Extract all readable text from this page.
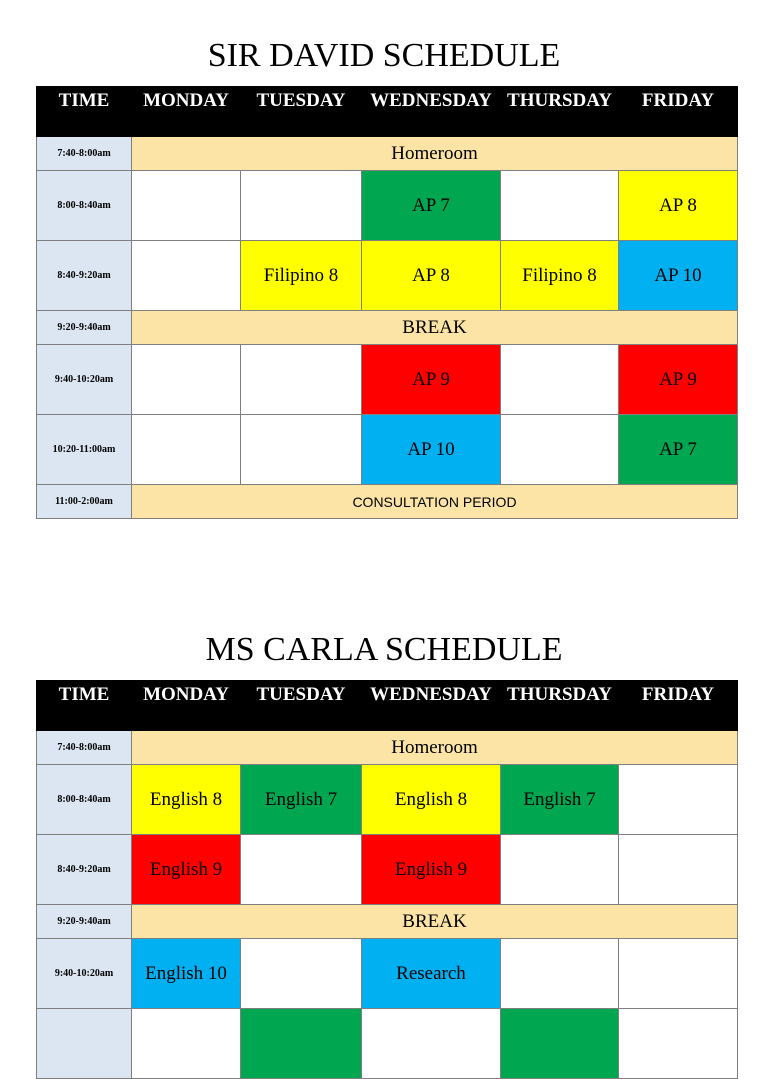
SIR DAVID SCHEDULE
TIME	MONDAY	TUESDAY	WEDNESDAY	THURSDAY	FRIDAY
7:40-8:00am	Homeroom				
8:00-8:40am			AP 7		AP 8
8:40-9:20am		Filipino 8	AP 8	Filipino 8	AP 10
9:20-9:40am	BREAK				
9:40-10:20am			AP 9		AP 9
10:20-11:00am			AP 10		AP 7
11:00-2:00am	CONSULTATION PERIOD				
MS CARLA SCHEDULE
TIME	MONDAY	TUESDAY	WEDNESDAY	THURSDAY	FRIDAY
7:40-8:00am	Homeroom				
8:00-8:40am	English 8	English 7	English 8	English 7	
8:40-9:20am	English 9		English 9		
9:20-9:40am	BREAK				
9:40-10:20am	English 10		Research		
